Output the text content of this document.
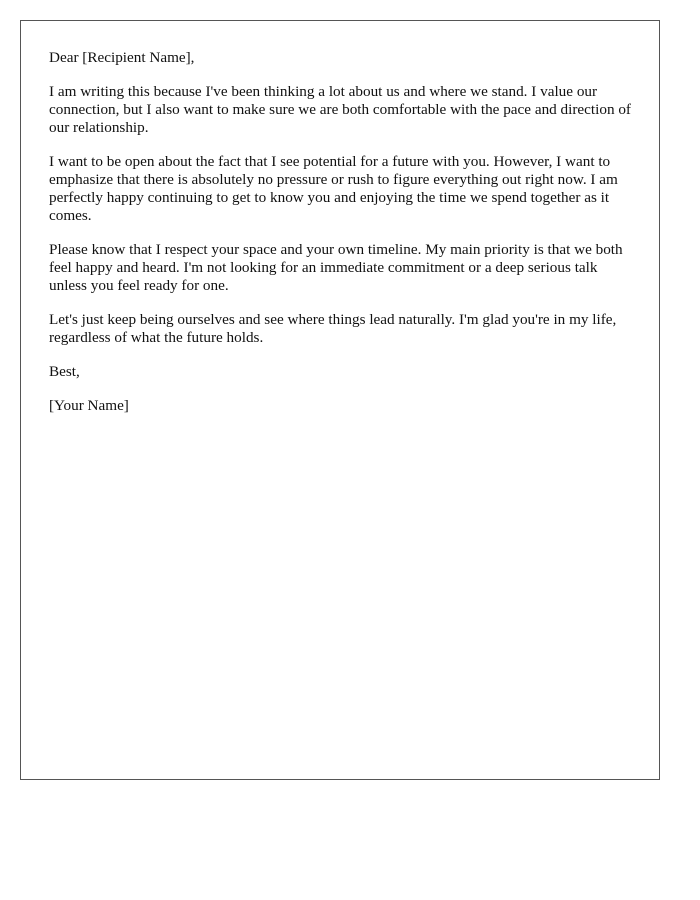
Dear [Recipient Name],

I am writing this because I've been thinking a lot about us and where we stand. I value our connection, but I also want to make sure we are both comfortable with the pace and direction of our relationship.

I want to be open about the fact that I see potential for a future with you. However, I want to emphasize that there is absolutely no pressure or rush to figure everything out right now. I am perfectly happy continuing to get to know you and enjoying the time we spend together as it comes.

Please know that I respect your space and your own timeline. My main priority is that we both feel happy and heard. I'm not looking for an immediate commitment or a deep serious talk unless you feel ready for one.

Let's just keep being ourselves and see where things lead naturally. I'm glad you're in my life, regardless of what the future holds.

Best,

[Your Name]
